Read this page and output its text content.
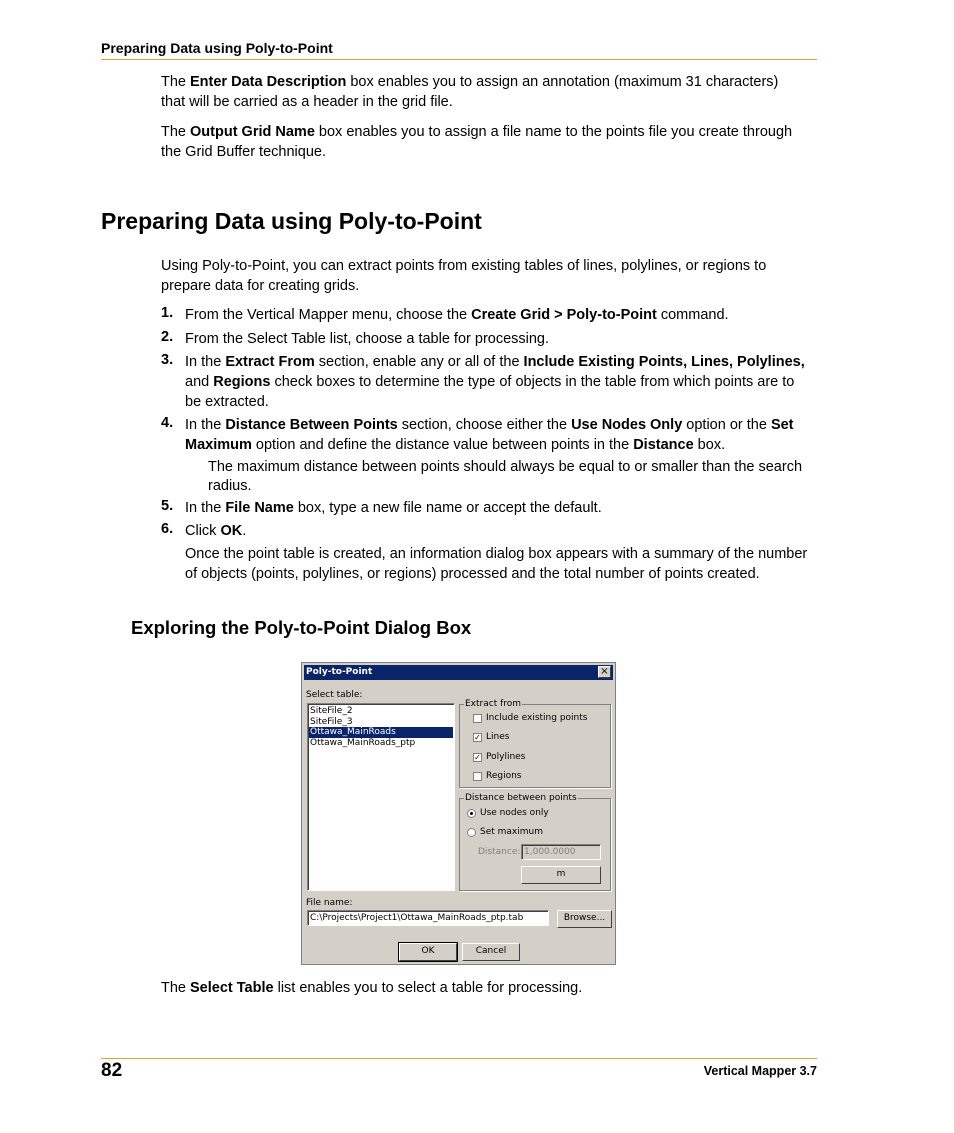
Preparing Data using Poly-to-Point
The Enter Data Description box enables you to assign an annotation (maximum 31 characters)
that will be carried as a header in the grid file.
The Output Grid Name box enables you to assign a file name to the points file you create through
the Grid Buffer technique.
Preparing Data using Poly-to-Point
Using Poly-to-Point, you can extract points from existing tables of lines, polylines, or regions to
prepare data for creating grids.
1. From the Vertical Mapper menu, choose the Create Grid > Poly-to-Point command.
2. From the Select Table list, choose a table for processing.
3. In the Extract From section, enable any or all of the Include Existing Points, Lines, Polylines,
and Regions check boxes to determine the type of objects in the table from which points are to
be extracted.
4. In the Distance Between Points section, choose either the Use Nodes Only option or the Set
Maximum option and define the distance value between points in the Distance box.
The maximum distance between points should always be equal to or smaller than the search
radius.
5. In the File Name box, type a new file name or accept the default.
6. Click OK.
Once the point table is created, an information dialog box appears with a summary of the number
of objects (points, polylines, or regions) processed and the total number of points created.
Exploring the Poly-to-Point Dialog Box
Poly-to-Point	×
Select table:
SiteFile_2
SiteFile_3
Ottawa_MainRoads
Ottawa_MainRoads_ptp
Extract from
Include existing points
✓ Lines
✓ Polylines
Regions
Distance between points
Use nodes only
Set maximum
Distance: 1,000.0000
m
File name:
C:\Projects\Project1\Ottawa_MainRoads_ptp.tab	Browse...
OK	Cancel
The Select Table list enables you to select a table for processing.
82	Vertical Mapper 3.7
